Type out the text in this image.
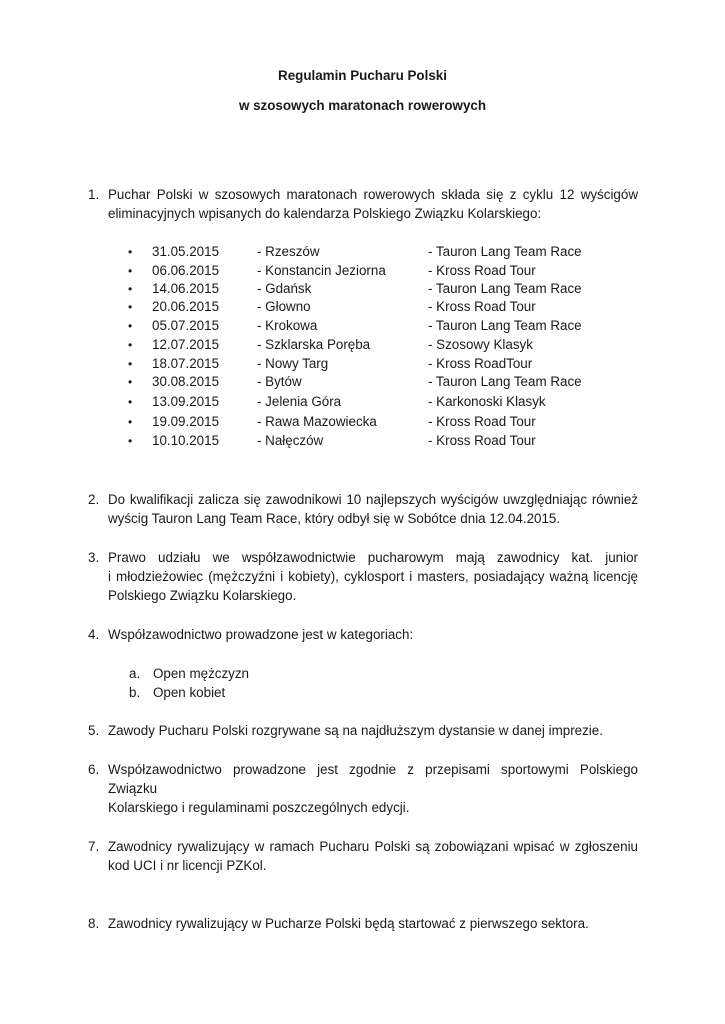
Regulamin Pucharu Polski
w szosowych maratonach rowerowych
1. Puchar Polski w szosowych maratonach rowerowych składa się z cyklu 12 wyścigów
eliminacyjnych wpisanych do kalendarza Polskiego Związku Kolarskiego:
• 31.05.2015	- Rzeszów	- Tauron Lang Team Race
• 06.06.2015	- Konstancin Jeziorna	- Kross Road Tour
• 14.06.2015	- Gdańsk	- Tauron Lang Team Race
• 20.06.2015	- Głowno	- Kross Road Tour
• 05.07.2015	- Krokowa	- Tauron Lang Team Race
• 12.07.2015	- Szklarska Poręba	- Szosowy Klasyk
• 18.07.2015	- Nowy Targ	- Kross RoadTour
• 30.08.2015	- Bytów	- Tauron Lang Team Race
• 13.09.2015	- Jelenia Góra	- Karkonoski Klasyk
• 19.09.2015	- Rawa Mazowiecka	- Kross Road Tour
• 10.10.2015	- Nałęczów	- Kross Road Tour
2. Do kwalifikacji zalicza się zawodnikowi 10 najlepszych wyścigów uwzględniając również
wyścig Tauron Lang Team Race, który odbył się w Sobótce dnia 12.04.2015.
3. Prawo udziału we współzawodnictwie pucharowym mają zawodnicy kat. junior
i młodzieżowiec (mężczyźni i kobiety), cyklosport i masters, posiadający ważną licencję
Polskiego Związku Kolarskiego.
4. Współzawodnictwo prowadzone jest w kategoriach:
a. Open mężczyzn
b. Open kobiet
5. Zawody Pucharu Polski rozgrywane są na najdłuższym dystansie w danej imprezie.
6. Współzawodnictwo prowadzone jest zgodnie z przepisami sportowymi Polskiego Związku
Kolarskiego i regulaminami poszczególnych edycji.
7. Zawodnicy rywalizujący w ramach Pucharu Polski są zobowiązani wpisać w zgłoszeniu
kod UCI i nr licencji PZKol.
8. Zawodnicy rywalizujący w Pucharze Polski będą startować z pierwszego sektora.
